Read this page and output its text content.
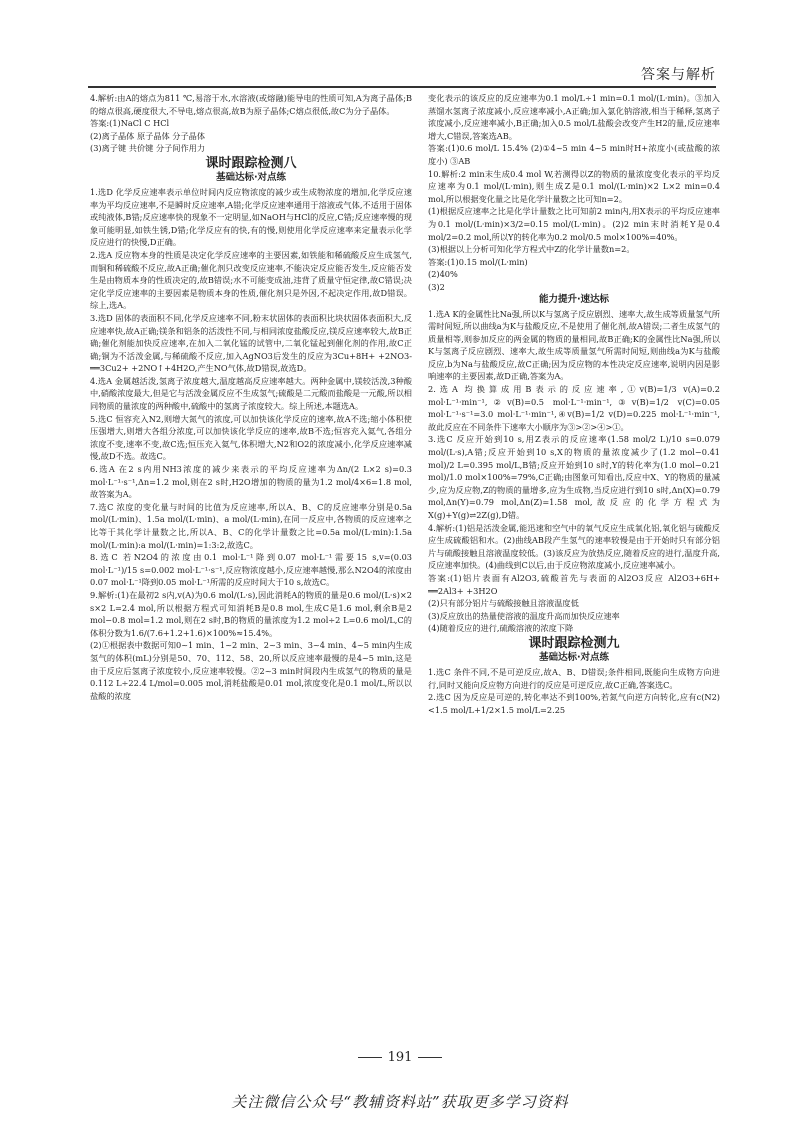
答案与解析

4.解析:由A的熔点为811 ℃,易溶于水,水溶液(或熔融)能导电的性质可知,A为离子晶体;B的熔点很高,硬度很大,不导电,熔点很高,故B为原子晶体;C熔点很低,故C为分子晶体。

答案:(1)NaCl C HCl

(2)离子晶体 原子晶体 分子晶体

(3)离子键 共价键 分子间作用力

课时跟踪检测八
基础达标·对点练

1.选D 化学反应速率表示单位时间内反应物浓度的减少或生成物浓度的增加,化学反应速率为平均反应速率,不是瞬时反应速率,A错;化学反应速率通用于溶液或气体,不适用于固体或纯液体,B错;反应速率快的现象不一定明显,如NaOH与HCl的反应,C错;反应速率慢的现象可能明显,如铁生锈,D错;化学反应有的快,有的慢,则使用化学反应速率来定量表示化学反应进行的快慢,D正确。

2.选A 反应物本身的性质是决定化学反应速率的主要因素,如铁能和稀硫酸反应生成氢气,而铜和稀硫酸不反应,故A正确;催化剂只改变反应速率,不能决定反应能否发生,反应能否发生是由物质本身的性质决定的,故B错误;水不可能变成油,违背了质量守恒定律,故C错误;决定化学反应速率的主要因素是物质本身的性质,催化剂只是外因,不起决定作用,故D错误。综上,选A。

3.选D 固体的表面积不同,化学反应速率不同,粉末状固体的表面积比块状固体表面积大,反应速率快,故A正确;镁条和铝条的活泼性不同,与相同浓度盐酸反应,镁反应速率较大,故B正确;催化剂能加快反应速率,在加入二氧化锰的试管中,二氧化锰起到催化剂的作用,故C正确;铜为不活泼金属,与稀硫酸不反应,加入AgNO3后发生的反应为3Cu+8H+ +2NO3- ══3Cu2+ +2NO↑+4H2O,产生NO气体,故D错误,故选D。

4.选A 金属越活泼,氢离子浓度越大,温度越高反应速率越大。两种金属中,镁较活泼,3种酸中,硝酸浓度最大,但是它与活泼金属反应不生成氢气;硫酸是二元酸而盐酸是一元酸,所以相同物质的量浓度的两种酸中,硫酸中的氢离子浓度较大。综上所述,本题选A。

5.选C 恒容充入N2,则增大氮气的浓度,可以加快该化学反应的速率,故A不选;缩小体积使压强增大,则增大各组分浓度,可以加快该化学反应的速率,故B不选;恒容充入氦气,各组分浓度不变,速率不变,故C选;恒压充入氦气,体积增大,N2和O2的浓度减小,化学反应速率减慢,故D不选。故选C。

6.选A 在2 s内用NH3浓度的减少来表示的平均反应速率为Δn/(2 L×2 s)=0.3 mol·L⁻¹·s⁻¹,Δn=1.2 mol,则在2 s时,H2O增加的物质的量为1.2 mol/4×6=1.8 mol,故答案为A。

7.选C 浓度的变化量与时间的比值为反应速率,所以A、B、C的反应速率分别是0.5a mol/(L·min)、1.5a mol/(L·min)、a mol/(L·min),在同一反应中,各物质的反应速率之比等于其化学计量数之比,所以A、B、C的化学计量数之比=0.5a mol/(L·min):1.5a mol/(L·min):a mol/(L·min)=1:3:2,故选C。

8.选C 若N2O4的浓度由0.1 mol·L⁻¹降到0.07 mol·L⁻¹需要15 s,v=(0.03 mol·L⁻¹)/15 s=0.002 mol·L⁻¹·s⁻¹,反应物浓度越小,反应速率越慢,那么N2O4的浓度由0.07 mol·L⁻¹降到0.05 mol·L⁻¹所需的反应时间大于10 s,故选C。

9.解析:(1)在最初2 s内,v(A)为0.6 mol/(L·s),因此消耗A的物质的量是0.6 mol/(L·s)×2 s×2 L=2.4 mol,所以根据方程式可知消耗B是0.8 mol,生成C是1.6 mol,剩余B是2 mol−0.8 mol=1.2 mol,则在2 s时,B的物质的量浓度为1.2 mol÷2 L=0.6 mol/L,C的体积分数为1.6/(7.6+1.2+1.6)×100%≈15.4%。

(2)①根据表中数据可知0~1 min、1~2 min、2~3 min、3~4 min、4~5 min内生成氢气的体积(mL)分别是50、70、112、58、20,所以反应速率最慢的是4~5 min,这是由于反应后氢离子浓度较小,反应速率较慢。②2~3 min时间段内生成氢气的物质的量是0.112 L÷22.4 L/mol=0.005 mol,消耗盐酸是0.01 mol,浓度变化是0.1 mol/L,所以以盐酸的浓度

变化表示的该反应的反应速率为0.1 mol/L÷1 min=0.1 mol/(L·min)。③加入蒸馏水氢离子浓度减小,反应速率减小,A正确;加入氯化钠溶液,相当于稀释,氢离子浓度减小,反应速率减小,B正确;加入0.5 mol/L盐酸会改变产生H2的量,反应速率增大,C错误,答案选AB。

答案:(1)0.6 mol/L 15.4% (2)①4~5 min 4~5 min时H+浓度小(或盐酸的浓度小) ③AB

10.解析:2 min末生成0.4 mol W,若测得以Z的物质的量浓度变化表示的平均反应速率为0.1 mol/(L·min),则生成Z是0.1 mol/(L·min)×2 L×2 min=0.4 mol,所以根据变化量之比是化学计量数之比可知n=2。

(1)根据反应速率之比是化学计量数之比可知前2 min内,用X表示的平均反应速率为0.1 mol/(L·min)×3/2=0.15 mol/(L·min)。(2)2 min末时消耗Y是0.4 mol/2=0.2 mol,所以Y的转化率为0.2 mol/0.5 mol×100%=40%。

(3)根据以上分析可知化学方程式中Z的化学计量数n=2。

答案:(1)0.15 mol/(L·min)

(2)40%

(3)2

能力提升·速达标

1.选A K的金属性比Na强,所以K与氢离子反应剧烈、速率大,故生成等质量氢气所需时间短,所以曲线a为K与盐酸反应,不是使用了催化剂,故A错误;二者生成氢气的质量相等,则参加反应的两金属的物质的量相同,故B正确;K的金属性比Na强,所以K与氢离子反应剧烈、速率大,故生成等质量氢气所需时间短,则曲线a为K与盐酸反应,b为Na与盐酸反应,故C正确;因为反应物的本性决定反应速率,说明内因是影响速率的主要因素,故D正确,答案为A。

2.选A 均换算成用B表示的反应速率,①v(B)=1/3 v(A)=0.2 mol·L⁻¹·min⁻¹,②v(B)=0.5 mol·L⁻¹·min⁻¹,③v(B)=1/2 v(C)=0.05 mol·L⁻¹·s⁻¹=3.0 mol·L⁻¹·min⁻¹,④v(B)=1/2 v(D)=0.225 mol·L⁻¹·min⁻¹,故此反应在不同条件下速率大小顺序为③>②>④>①。

3.选C 反应开始到10 s,用Z表示的反应速率(1.58 mol/2 L)/10 s=0.079 mol/(L·s),A错;反应开始到10 s,X的物质的量浓度减少了(1.2 mol−0.41 mol)/2 L=0.395 mol/L,B错;反应开始到10 s时,Y的转化率为(1.0 mol−0.21 mol)/1.0 mol×100%=79%,C正确;由图象可知看出,反应中X、Y的物质的量减少,应为反应物,Z的物质的量增多,应为生成物,当反应进行到10 s时,Δn(X)=0.79 mol,Δn(Y)=0.79 mol,Δn(Z)=1.58 mol,故反应的化学方程式为X(g)+Y(g)⇌2Z(g),D错。

4.解析:(1)铝是活泼金属,能迅速和空气中的氧气反应生成氧化铝,氧化铝与硫酸反应生成硫酸铝和水。(2)曲线AB段产生氢气的速率较慢是由于开始时只有部分铝片与硫酸接触且溶液温度较低。(3)该反应为放热反应,随着反应的进行,温度升高,反应速率加快。(4)曲线到C以后,由于反应物浓度减小,反应速率减小。

答案:(1)铝片表面有Al2O3,硫酸首先与表面的Al2O3反应 Al2O3+6H+ ══2Al3+ +3H2O

(2)只有部分铝片与硫酸接触且溶液温度低

(3)反应放出的热量使溶液的温度升高而加快反应速率

(4)随着反应的进行,硫酸溶液的浓度下降

课时跟踪检测九
基础达标·对点练

1.选C 条件不同,不是可逆反应,故A、B、D错误;条件相同,既能向生成物方向进行,同时又能向反应物方向进行的反应是可逆反应,故C正确,答案选C。

2.选C 因为反应是可逆的,转化率达不到100%,若氮气向逆方向转化,应有c(N2)<1.5 mol/L+1/2×1.5 mol/L=2.25

191
关注微信公众号“教辅资料站”获取更多学习资料
